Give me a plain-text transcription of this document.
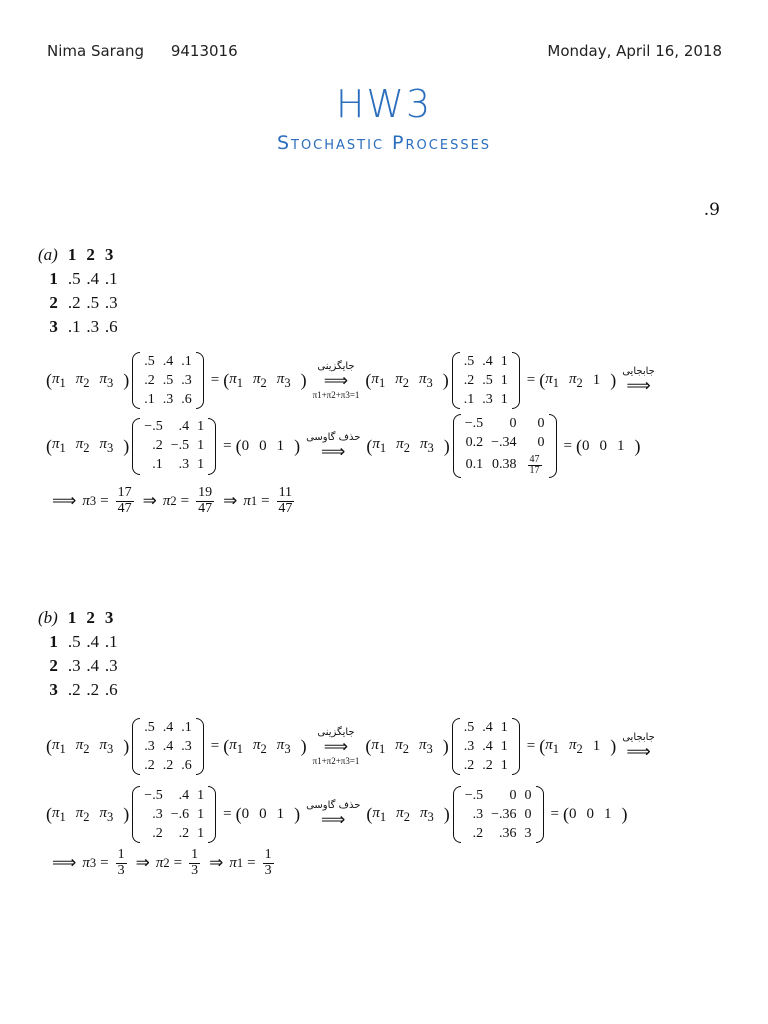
Nima Sarang 9413016	Monday, April 16, 2018
HW3
Stochastic Processes
.9
(a)	1	2	3
1	.5	.4	.1
2	.2	.5	.3
3	.1	.3	.6
( $\pi_1$ $\pi_2$ $\pi_3$ )
.5	.4	.1
.2	.5	.3
.1	.3	.6
= ( $\pi_1$ $\pi_2$ $\pi_3$ )
جایگزینی
⟹
π1+π2+π3=1
( $\pi_1$ $\pi_2$ $\pi_3$ )
.5	.4	1
.2	.5	1
.1	.3	1
= ( $\pi_1$ $\pi_2$ 1 ) جابجایی
⟹
( $\pi_1$ $\pi_2$ $\pi_3$ )
−.5	.4	1
.2	−.5	1
.1	.3	1
= ( 0 0 1 ) حذف گاوسی
⟹ ( $\pi_1$ $\pi_2$ $\pi_3$ )
−.5	0	0
0.2	−.34	0
0.1	0.38	$\frac{47}{17}$
= ( 0 0 1 )
⟹ π $3 = \frac{17}{47}$ ⇒ π $2 = \frac{19}{47}$ ⇒ π $1 = \frac{11}{47}$
(b)	1	2	3
1	.5	.4	.1
2	.3	.4	.3
3	.2	.2	.6
( $\pi_1$ $\pi_2$ $\pi_3$ )
.5	.4	.1
.3	.4	.3
.2	.2	.6
= ( $\pi_1$ $\pi_2$ $\pi_3$ )
جایگزینی
⟹
π1+π2+π3=1
( $\pi_1$ $\pi_2$ $\pi_3$ )
.5	.4	1
.3	.4	1
.2	.2	1
= ( $\pi_1$ $\pi_2$ 1 ) جابجایی
⟹
( $\pi_1$ $\pi_2$ $\pi_3$ )
−.5	.4	1
.3	−.6	1
.2	.2	1
= ( 0 0 1 ) حذف گاوسی
⟹ ( $\pi_1$ $\pi_2$ $\pi_3$ )
−.5	0	0
.3	−.36	0
.2	.36	3
= ( 0 0 1 )
⟹ π $3 = \frac{1}{3}$ ⇒ π $2 = \frac{1}{3}$ ⇒ π $1 = \frac{1}{3}$
